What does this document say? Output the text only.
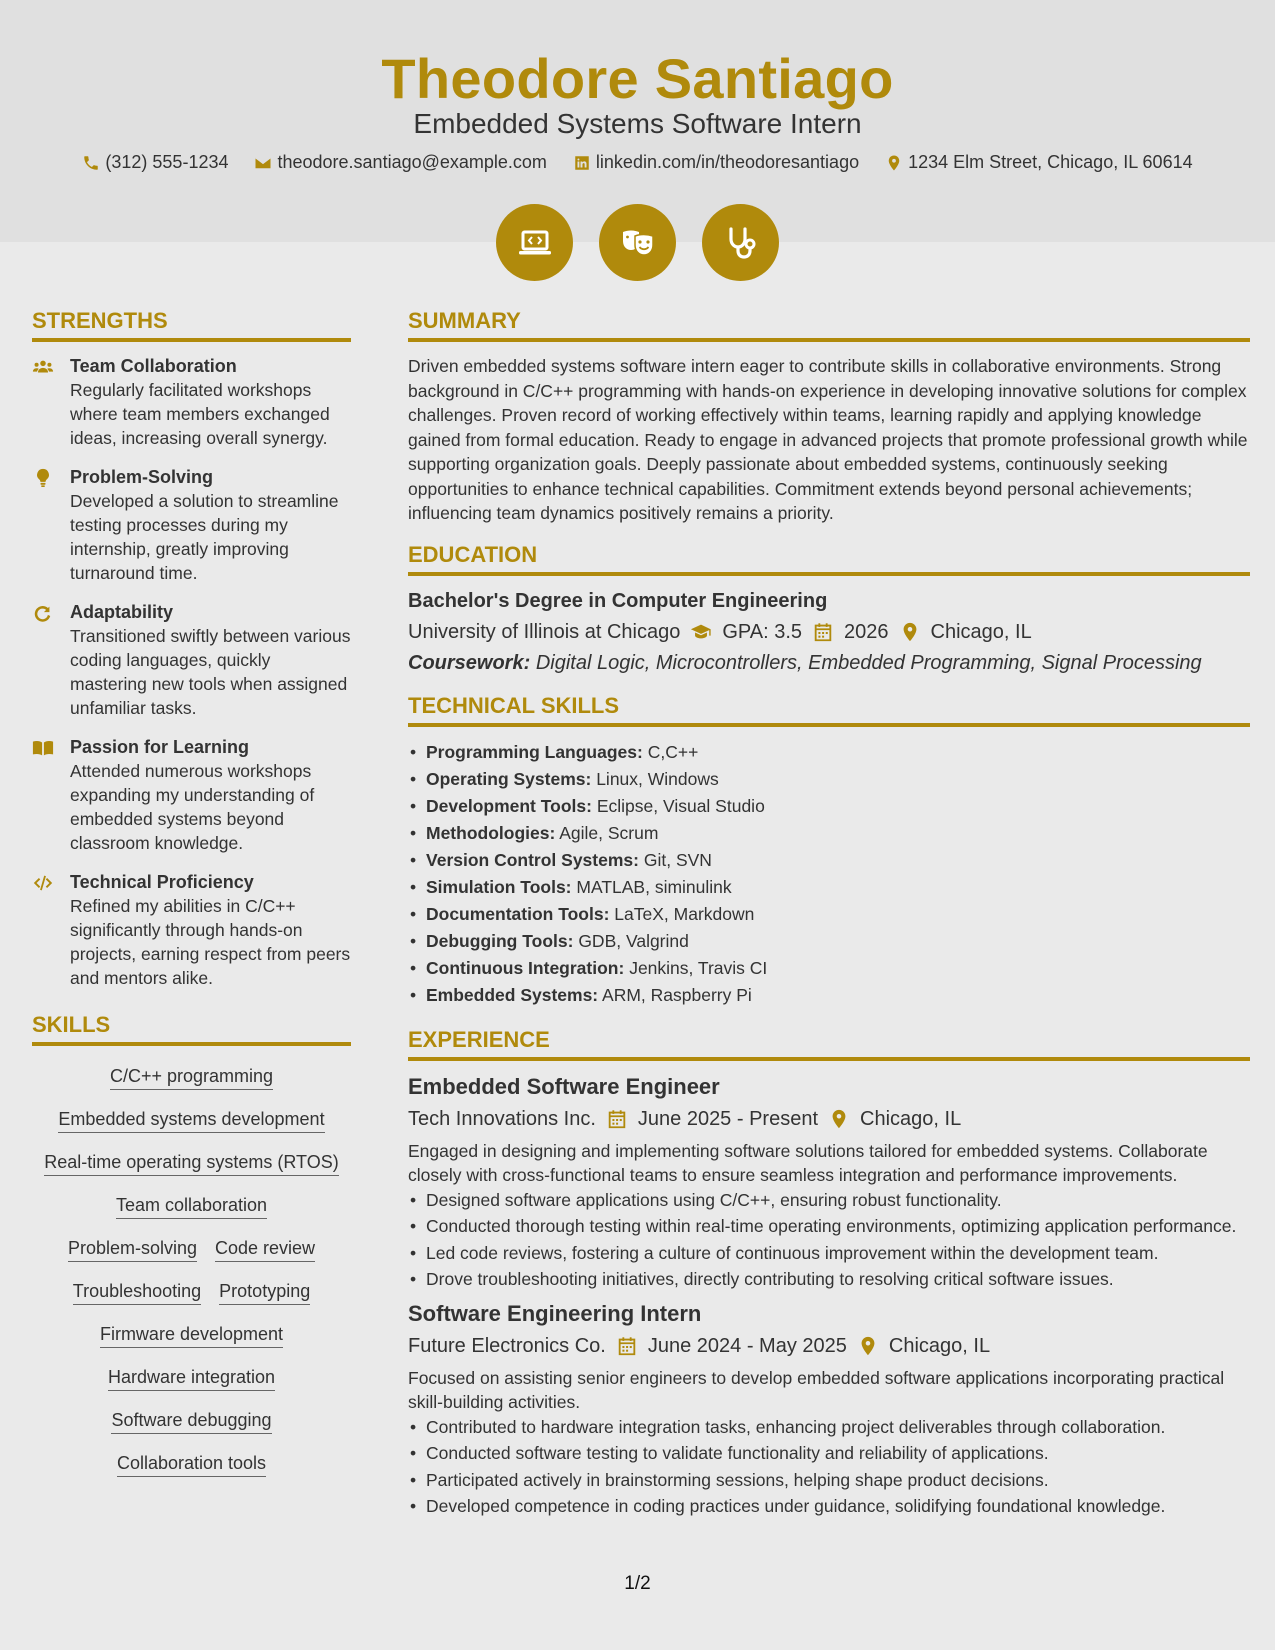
Theodore Santiago
Embedded Systems Software Intern
(312) 555-1234	theodore.santiago@example.com	linkedin.com/in/theodoresantiago	1234 Elm Street, Chicago, IL 60614
STRENGTHS
Team Collaboration
Regularly facilitated workshops where team members exchanged ideas, increasing overall synergy.
Problem-Solving
Developed a solution to streamline testing processes during my internship, greatly improving turnaround time.
Adaptability
Transitioned swiftly between various coding languages, quickly mastering new tools when assigned unfamiliar tasks.
Passion for Learning
Attended numerous workshops expanding my understanding of embedded systems beyond classroom knowledge.
Technical Proficiency
Refined my abilities in C/C++ significantly through hands-on projects, earning respect from peers and mentors alike.
SKILLS
C/C++ programming
Embedded systems development
Real-time operating systems (RTOS)
Team collaboration
Problem-solving Code review
Troubleshooting Prototyping
Firmware development
Hardware integration
Software debugging
Collaboration tools
SUMMARY
Driven embedded systems software intern eager to contribute skills in collaborative environments. Strong background in C/C++ programming with hands-on experience in developing innovative solutions for complex challenges. Proven record of working effectively within teams, learning rapidly and applying knowledge gained from formal education. Ready to engage in advanced projects that promote professional growth while supporting organization goals. Deeply passionate about embedded systems, continuously seeking opportunities to enhance technical capabilities. Commitment extends beyond personal achievements; influencing team dynamics positively remains a priority.
EDUCATION
Bachelor's Degree in Computer Engineering
University of Illinois at Chicago GPA: 3.5 2026 Chicago, IL
Coursework: Digital Logic, Microcontrollers, Embedded Programming, Signal Processing
TECHNICAL SKILLS
• Programming Languages: C,C++
• Operating Systems: Linux, Windows
• Development Tools: Eclipse, Visual Studio
• Methodologies: Agile, Scrum
• Version Control Systems: Git, SVN
• Simulation Tools: MATLAB, siminulink
• Documentation Tools: LaTeX, Markdown
• Debugging Tools: GDB, Valgrind
• Continuous Integration: Jenkins, Travis CI
• Embedded Systems: ARM, Raspberry Pi
EXPERIENCE
Embedded Software Engineer
Tech Innovations Inc. June 2025 - Present Chicago, IL
Engaged in designing and implementing software solutions tailored for embedded systems. Collaborate closely with cross-functional teams to ensure seamless integration and performance improvements.
• Designed software applications using C/C++, ensuring robust functionality.
• Conducted thorough testing within real-time operating environments, optimizing application performance.
• Led code reviews, fostering a culture of continuous improvement within the development team.
• Drove troubleshooting initiatives, directly contributing to resolving critical software issues.
Software Engineering Intern
Future Electronics Co. June 2024 - May 2025 Chicago, IL
Focused on assisting senior engineers to develop embedded software applications incorporating practical skill-building activities.
• Contributed to hardware integration tasks, enhancing project deliverables through collaboration.
• Conducted software testing to validate functionality and reliability of applications.
• Participated actively in brainstorming sessions, helping shape product decisions.
• Developed competence in coding practices under guidance, solidifying foundational knowledge.
1/2
